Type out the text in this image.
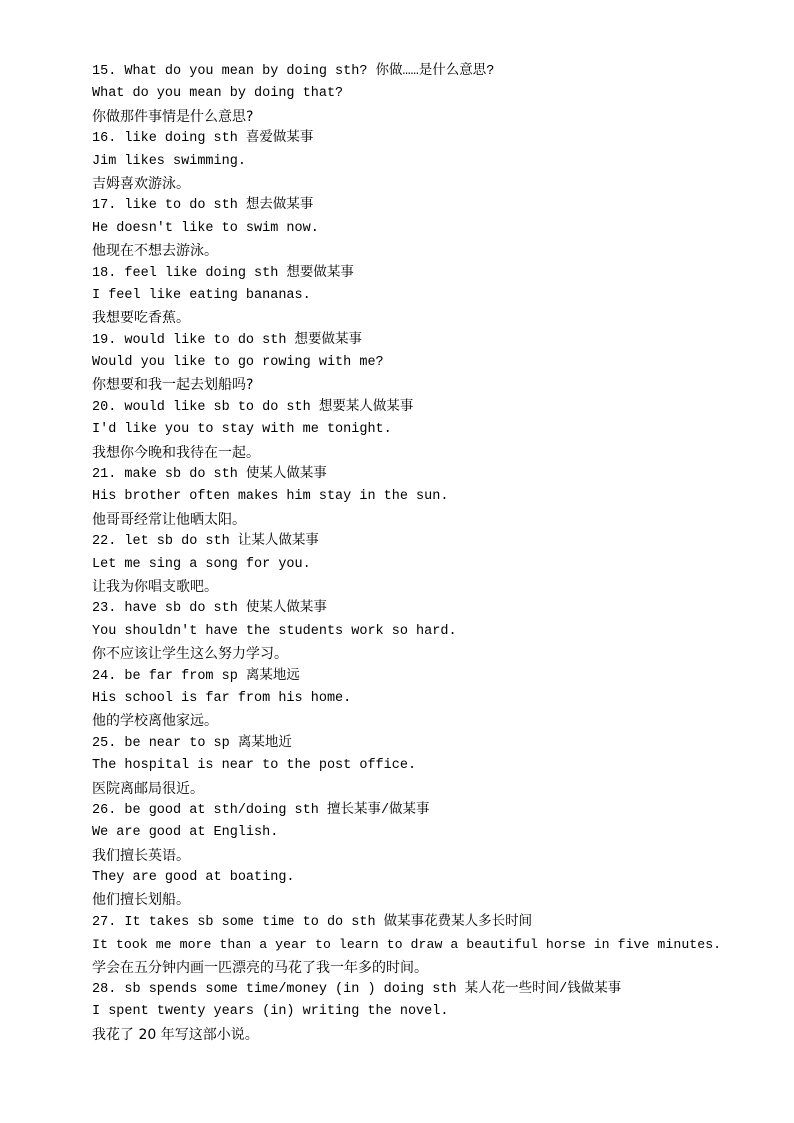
15. What do you mean by doing sth? 你做……是什么意思?
What do you mean by doing that?
你做那件事情是什么意思?
16. like doing sth 喜爱做某事
Jim likes swimming.
吉姆喜欢游泳。
17. like to do sth 想去做某事
He doesn't like to swim now.
他现在不想去游泳。
18. feel like doing sth 想要做某事
I feel like eating bananas.
我想要吃香蕉。
19. would like to do sth 想要做某事
Would you like to go rowing with me?
你想要和我一起去划船吗?
20. would like sb to do sth 想要某人做某事
I'd like you to stay with me tonight.
我想你今晚和我待在一起。
21. make sb do sth 使某人做某事
His brother often makes him stay in the sun.
他哥哥经常让他晒太阳。
22. let sb do sth 让某人做某事
Let me sing a song for you.
让我为你唱支歌吧。
23. have sb do sth 使某人做某事
You shouldn't have the students work so hard.
你不应该让学生这么努力学习。
24. be far from sp 离某地远
His school is far from his home.
他的学校离他家远。
25. be near to sp 离某地近
The hospital is near to the post office.
医院离邮局很近。
26. be good at sth/doing sth 擅长某事/做某事
We are good at English.
我们擅长英语。
They are good at boating.
他们擅长划船。
27. It takes sb some time to do sth 做某事花费某人多长时间
It took me more than a year to learn to draw a beautiful horse in five minutes.
学会在五分钟内画一匹漂亮的马花了我一年多的时间。
28. sb spends some time/money (in ) doing sth 某人花一些时间/钱做某事
I spent twenty years (in) writing the novel.
我花了 20 年写这部小说。
